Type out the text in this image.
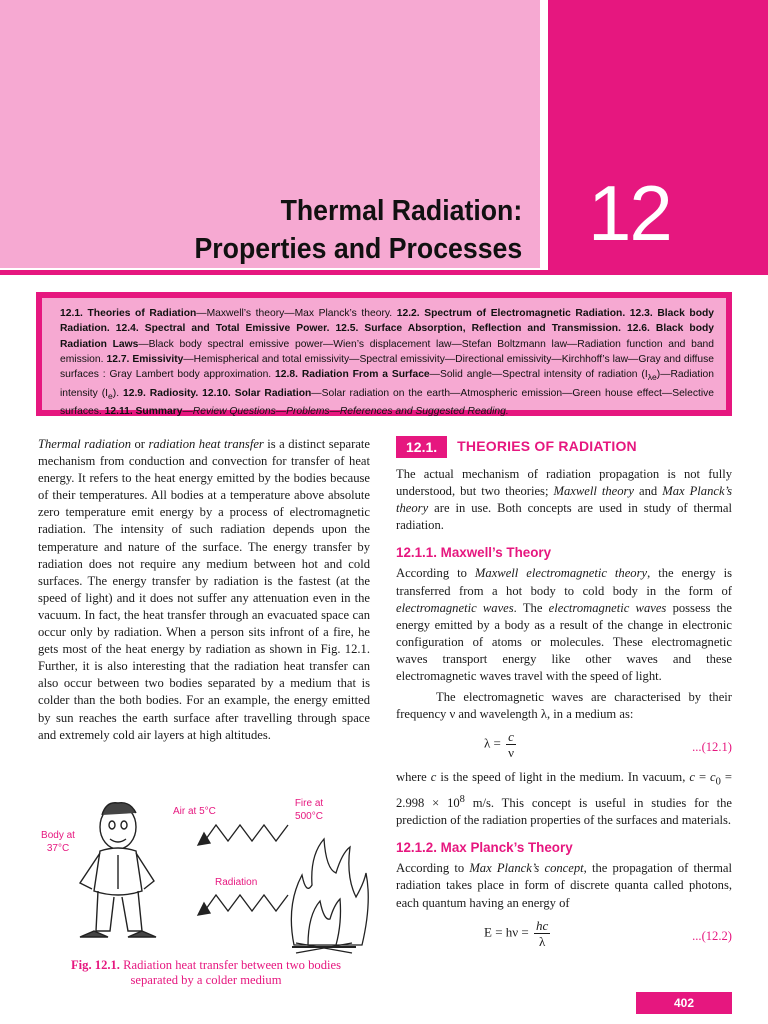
Thermal Radiation:
Properties and Processes 12
12.1. Theories of Radiation—Maxwell’s theory—Max Planck’s theory. 12.2. Spectrum of Electromagnetic Radiation. 12.3. Black body Radiation. 12.4. Spectral and Total Emissive Power. 12.5. Surface Absorption, Reflection and Transmission. 12.6. Black body Radiation Laws—Black body spectral emissive power—Wien’s displacement law—Stefan Boltzmann law—Radiation function and band emission. 12.7. Emissivity—Hemispherical and total emissivity—Spectral emissivity—Directional emissivity—Kirchhoff’s law—Gray and diffuse surfaces : Gray Lambert body approximation. 12.8. Radiation From a Surface—Solid angle—Spectral intensity of radiation $(I_{\lambda e})—Radiation$ intensity $(I_e)$. 12.9. Radiosity. 12.10. Solar Radiation—Solar radiation on the earth—Atmospheric emission—Green house effect—Selective surfaces. 12.11. Summary—Review Questions—Problems—References and Suggested Reading.

Thermal radiation or radiation heat transfer is a distinct separate mechanism from conduction and convection for transfer of heat energy. It refers to the heat energy emitted by the bodies because of their temperatures. All bodies at a temperature above absolute zero temperature emit energy by a process of electromagnetic radiation. The intensity of such radiation depends upon the temperature and nature of the surface. The energy transfer by radiation does not require any medium between hot and cold surfaces. The energy transfer by radiation is the fastest (at the speed of light) and it does not suffer any attenuation even in the vacuum. In fact, the heat transfer through an evacuated space can occur only by radiation. When a person sits infront of a fire, he gets most of the heat energy by radiation as shown in Fig. 12.1. Further, it is also interesting that the radiation heat transfer can also occur between two bodies separated by a medium that is colder than the both bodies. For an example, the energy emitted by sun reaches the earth surface after travelling through space and extremely cold air layers at high altitudes.

Air at 5°C
Fire at 500°C
Body at 37°C
Radiation
Fig. 12.1. Radiation heat transfer between two bodies separated by a colder medium
12.1.	THEORIES OF RADIATION

The actual mechanism of radiation propagation is not fully understood, but two theories; Maxwell theory and Max Planck’s theory are in use. Both concepts are used in study of thermal radiation.

12.1.1. Maxwell’s Theory

According to Maxwell electromagnetic theory, the energy is transferred from a hot body to cold body in the form of electromagnetic waves. The electromagnetic waves possess the energy emitted by a body as a result of the change in electronic configuration of atoms or molecules. These electromagnetic waves transport energy like other waves and these electromagnetic waves travel with the speed of light.

The electromagnetic waves are characterised by their frequency ν and wavelength λ, in a medium as:

$\lambda = \frac{c}{\nu}$	...(12.1)

where c is the speed of light in the medium. In vacuum, $c = c_0 = 2.998 \times 10^8$ m/s. This concept is useful in studies for the prediction of the radiation properties of the surfaces and materials.

12.1.2. Max Planck’s Theory

According to Max Planck’s concept, the propagation of thermal radiation takes place in form of discrete quanta called photons, each quantum having an energy of

$E = h\nu = \frac{hc}{\lambda}$	...(12.2)
402
